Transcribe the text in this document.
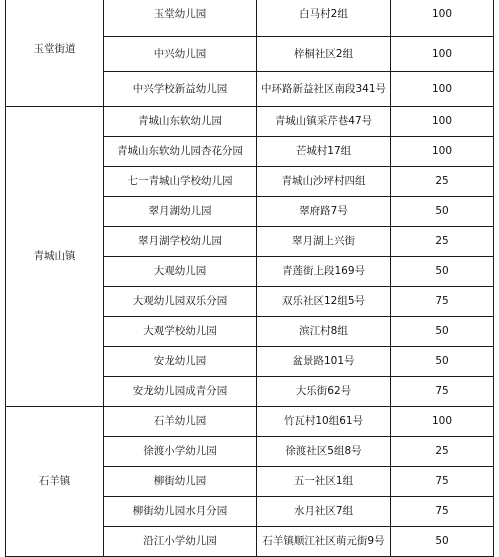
玉堂街道	玉堂幼儿园	白马村2组	100
	中兴幼儿园	梓桐社区2组	100
	中兴学校新益幼儿园	中环路新益社区南段341号	100
青城山镇	青城山东软幼儿园	青城山镇采芹巷47号	100
	青城山东软幼儿园杏花分园	芒城村17组	100
	七一青城山学校幼儿园	青城山沙坪村四组	25
	翠月湖幼儿园	翠府路7号	50
	翠月湖学校幼儿园	翠月湖上兴街	25
	大观幼儿园	青莲街上段169号	50
	大观幼儿园双乐分园	双乐社区12组5号	75
	大观学校幼儿园	滨江村8组	50
	安龙幼儿园	盆景路101号	50
	安龙幼儿园成青分园	大乐街62号	75
石羊镇	石羊幼儿园	竹瓦村10组61号	100
	徐渡小学幼儿园	徐渡社区5组8号	25
	柳街幼儿园	五一社区1组	75
	柳街幼儿园水月分园	水月社区7组	75
	沿江小学幼儿园	石羊镇顺江社区萌元街9号	50
